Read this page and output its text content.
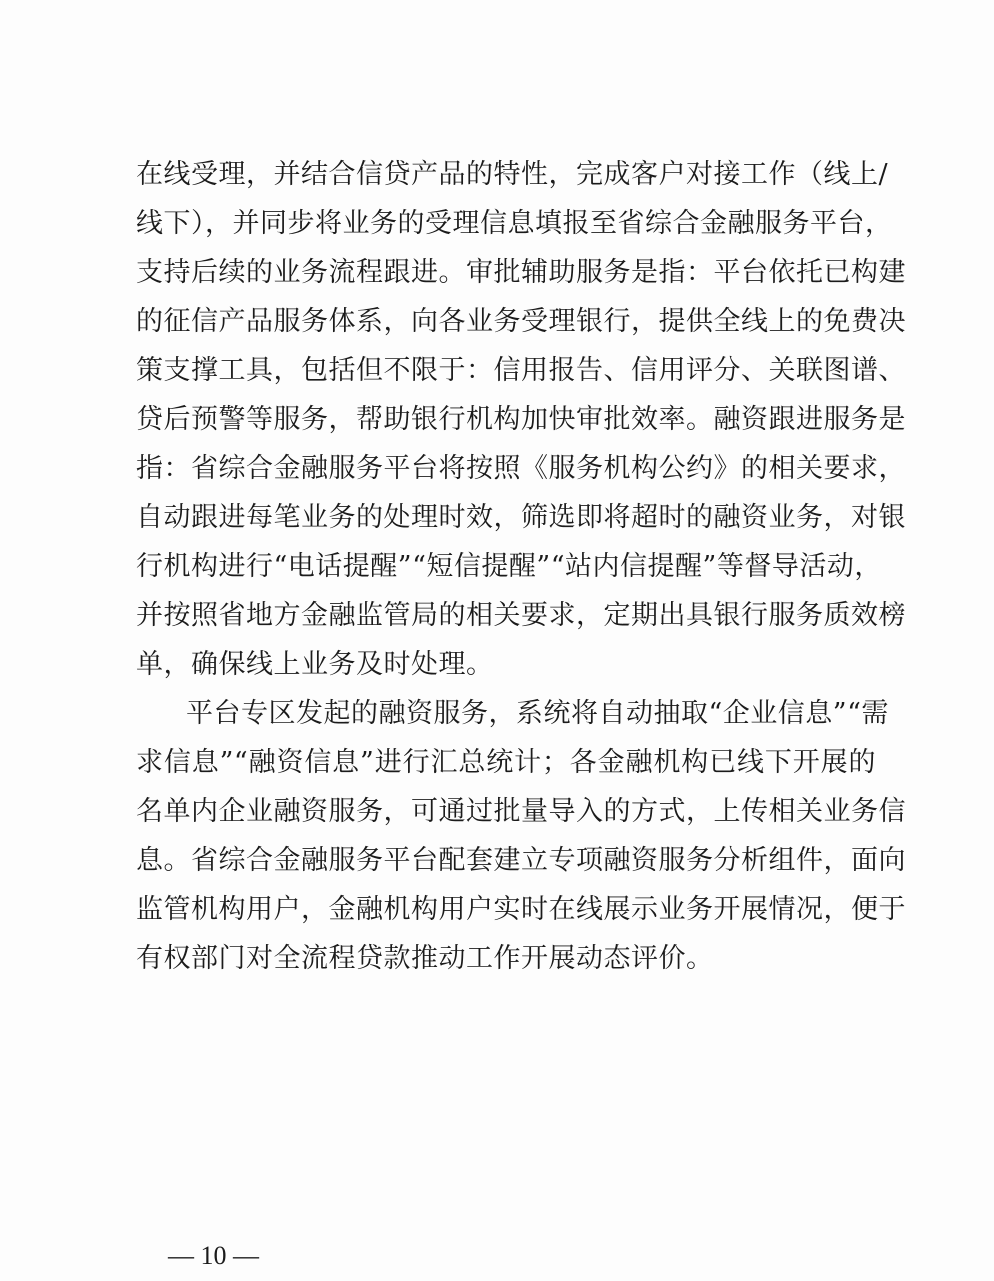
在线受理，并结合信贷产品的特性，完成客户对接工作（线上/
线下），并同步将业务的受理信息填报至省综合金融服务平台，
支持后续的业务流程跟进。审批辅助服务是指：平台依托已构建
的征信产品服务体系，向各业务受理银行，提供全线上的免费决
策支撑工具，包括但不限于：信用报告、信用评分、关联图谱、
贷后预警等服务，帮助银行机构加快审批效率。融资跟进服务是
指：省综合金融服务平台将按照《服务机构公约》的相关要求，
自动跟进每笔业务的处理时效，筛选即将超时的融资业务，对银
行机构进行“电话提醒”“短信提醒”“站内信提醒”等督导活动，
并按照省地方金融监管局的相关要求，定期出具银行服务质效榜
单，确保线上业务及时处理。
平台专区发起的融资服务，系统将自动抽取“企业信息”“需
求信息”“融资信息”进行汇总统计；各金融机构已线下开展的
名单内企业融资服务，可通过批量导入的方式，上传相关业务信
息。省综合金融服务平台配套建立专项融资服务分析组件，面向
监管机构用户，金融机构用户实时在线展示业务开展情况，便于
有权部门对全流程贷款推动工作开展动态评价。
— 10 —
